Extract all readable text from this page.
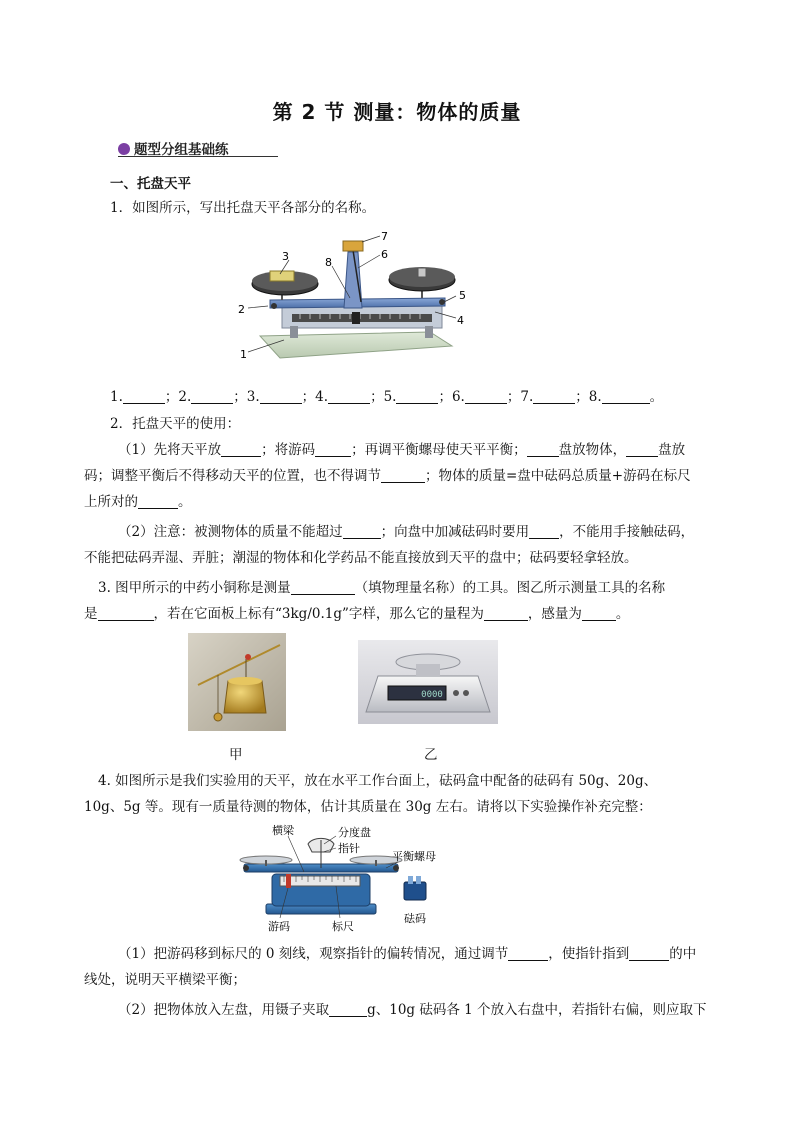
第 2 节 测量：物体的质量
题型分组基础练
一、托盘天平
1．如图所示，写出托盘天平各部分的名称。
1
2
3
4
5
6
7
8
1.	；2.	；3.	；4.	；5.	；6.	；7.	；8.	。
2．托盘天平的使用：
（1）先将天平放	；将游码	；再调平衡螺母使天平平衡； 盘放物体， 盘放
码；调整平衡后不得移动天平的位置，也不得调节	；物体的质量=盘中砝码总质量+游码在标尺
上所对的	。
（2）注意：被测物体的质量不能超过	；向盘中加减砝码时要用 ，不能用手接触砝码，
不能把砝码弄湿、弄脏；潮湿的物体和化学药品不能直接放到天平的盘中；砝码要轻拿轻放。
3. 图甲所示的中药小铜称是测量	（填物理量名称）的工具。图乙所示测量工具的名称
是	，若在它面板上标有“3kg/0.1g”字样，那么它的量程为	，感量为	。
甲
0000
乙
4. 如图所示是我们实验用的天平，放在水平工作台面上，砝码盒中配备的砝码有 50g、20g、
10g、5g 等。现有一质量待测的物体，估计其质量在 30g 左右。请将以下实验操作补充完整：
横梁	分度盘
指针
平衡螺母
游码	标尺
砝码
（1）把游码移到标尺的 0 刻线，观察指针的偏转情况，通过调节	，使指针指到	的中
线处，说明天平横梁平衡；
（2）把物体放入左盘，用镊子夹取	g、10g 砝码各 1 个放入右盘中，若指针右偏，则应取下
